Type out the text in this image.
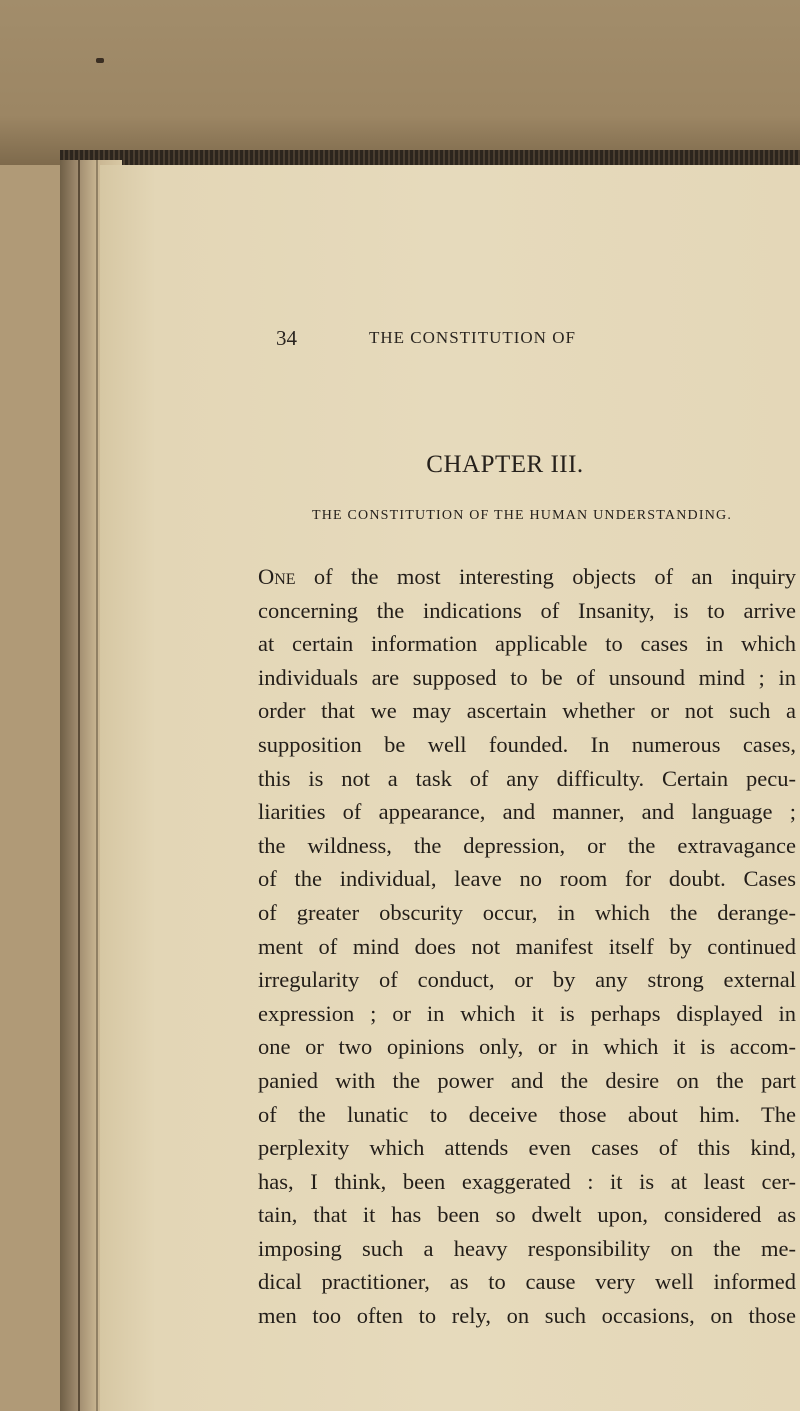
34	THE CONSTITUTION OF
CHAPTER III.
THE CONSTITUTION OF THE HUMAN UNDERSTANDING.
One of the most interesting objects of an inquiry
concerning the indications of Insanity, is to arrive
at certain information applicable to cases in which
individuals are supposed to be of unsound mind ; in
order that we may ascertain whether or not such a
supposition be well founded. In numerous cases,
this is not a task of any difficulty. Certain pecu-
liarities of appearance, and manner, and language ;
the wildness, the depression, or the extravagance
of the individual, leave no room for doubt. Cases
of greater obscurity occur, in which the derange-
ment of mind does not manifest itself by continued
irregularity of conduct, or by any strong external
expression ; or in which it is perhaps displayed in
one or two opinions only, or in which it is accom-
panied with the power and the desire on the part
of the lunatic to deceive those about him. The
perplexity which attends even cases of this kind,
has, I think, been exaggerated : it is at least cer-
tain, that it has been so dwelt upon, considered as
imposing such a heavy responsibility on the me-
dical practitioner, as to cause very well informed
men too often to rely, on such occasions, on those
